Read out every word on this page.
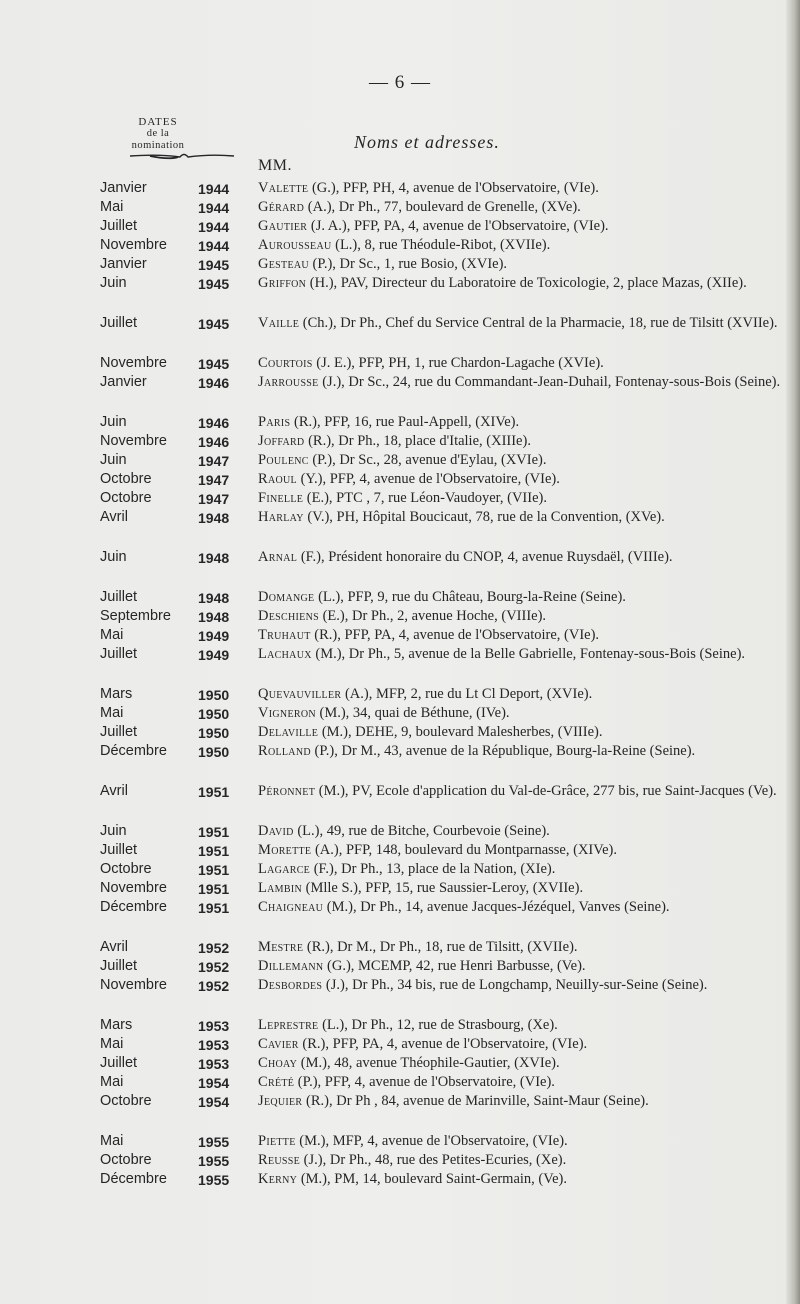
— 6 —
DATES
de la
nomination	Noms et adresses.
MM.
Janvier	1944 Valette (G.), PFP, PH, 4, avenue de l'Observatoire, (VIe).
Mai	1944 Gérard (A.), Dr Ph., 77, boulevard de Grenelle, (XVe).
Juillet	1944 Gautier (J. A.), PFP, PA, 4, avenue de l'Observatoire, (VIe).
Novembre 1944 Aurousseau (L.), 8, rue Théodule-Ribot, (XVIIe).
Janvier	1945 Gesteau (P.), Dr Sc., 1, rue Bosio, (XVIe).
Juin	1945 Griffon (H.), PAV, Directeur du Laboratoire de Toxicologie, 2, place Mazas, (XIIe).
Juillet	1945 Vaille (Ch.), Dr Ph., Chef du Service Central de la Pharmacie, 18, rue de Tilsitt (XVIIe).
Novembre 1945 Courtois (J. E.), PFP, PH, 1, rue Chardon-Lagache (XVIe).
Janvier	1946 Jarrousse (J.), Dr Sc., 24, rue du Commandant-Jean-Duhail, Fontenay-sous-Bois (Seine).
Juin	1946 Paris (R.), PFP, 16, rue Paul-Appell, (XIVe).
Novembre 1946 Joffard (R.), Dr Ph., 18, place d'Italie, (XIIIe).
Juin	1947 Poulenc (P.), Dr Sc., 28, avenue d'Eylau, (XVIe).
Octobre	1947 Raoul (Y.), PFP, 4, avenue de l'Observatoire, (VIe).
Octobre	1947 Finelle (E.), PTC , 7, rue Léon-Vaudoyer, (VIIe).
Avril	1948 Harlay (V.), PH, Hôpital Boucicaut, 78, rue de la Convention, (XVe).
Juin	1948 Arnal (F.), Président honoraire du CNOP, 4, avenue Ruysdaël, (VIIIe).
Juillet	1948 Domange (L.), PFP, 9, rue du Château, Bourg-la-Reine (Seine).
Septembre 1948 Deschiens (E.), Dr Ph., 2, avenue Hoche, (VIIIe).
Mai	1949 Truhaut (R.), PFP, PA, 4, avenue de l'Observatoire, (VIe).
Juillet	1949 Lachaux (M.), Dr Ph., 5, avenue de la Belle Gabrielle, Fontenay-sous-Bois (Seine).
Mars	1950 Quevauviller (A.), MFP, 2, rue du Lt Cl Deport, (XVIe).
Mai	1950 Vigneron (M.), 34, quai de Béthune, (IVe).
Juillet	1950 Delaville (M.), DEHE, 9, boulevard Malesherbes, (VIIIe).
Décembre 1950 Rolland (P.), Dr M., 43, avenue de la République, Bourg-la-Reine (Seine).
Avril	1951 Péronnet (M.), PV, Ecole d'application du Val-de-Grâce, 277 bis, rue Saint-Jacques (Ve).
Juin	1951 David (L.), 49, rue de Bitche, Courbevoie (Seine).
Juillet	1951 Morette (A.), PFP, 148, boulevard du Montparnasse, (XIVe).
Octobre	1951 Lagarce (F.), Dr Ph., 13, place de la Nation, (XIe).
Novembre 1951 Lambin (Mlle S.), PFP, 15, rue Saussier-Leroy, (XVIIe).
Décembre 1951 Chaigneau (M.), Dr Ph., 14, avenue Jacques-Jézéquel, Vanves (Seine).
Avril	1952 Mestre (R.), Dr M., Dr Ph., 18, rue de Tilsitt, (XVIIe).
Juillet	1952 Dillemann (G.), MCEMP, 42, rue Henri Barbusse, (Ve).
Novembre 1952 Desbordes (J.), Dr Ph., 34 bis, rue de Longchamp, Neuilly-sur-Seine (Seine).
Mars	1953 Leprestre (L.), Dr Ph., 12, rue de Strasbourg, (Xe).
Mai	1953 Cavier (R.), PFP, PA, 4, avenue de l'Observatoire, (VIe).
Juillet	1953 Choay (M.), 48, avenue Théophile-Gautier, (XVIe).
Mai	1954 Crété (P.), PFP, 4, avenue de l'Observatoire, (VIe).
Octobre	1954 Jequier (R.), Dr Ph , 84, avenue de Marinville, Saint-Maur (Seine).
Mai	1955 Piette (M.), MFP, 4, avenue de l'Observatoire, (VIe).
Octobre	1955 Reusse (J.), Dr Ph., 48, rue des Petites-Ecuries, (Xe).
Décembre 1955 Kerny (M.), PM, 14, boulevard Saint-Germain, (Ve).
